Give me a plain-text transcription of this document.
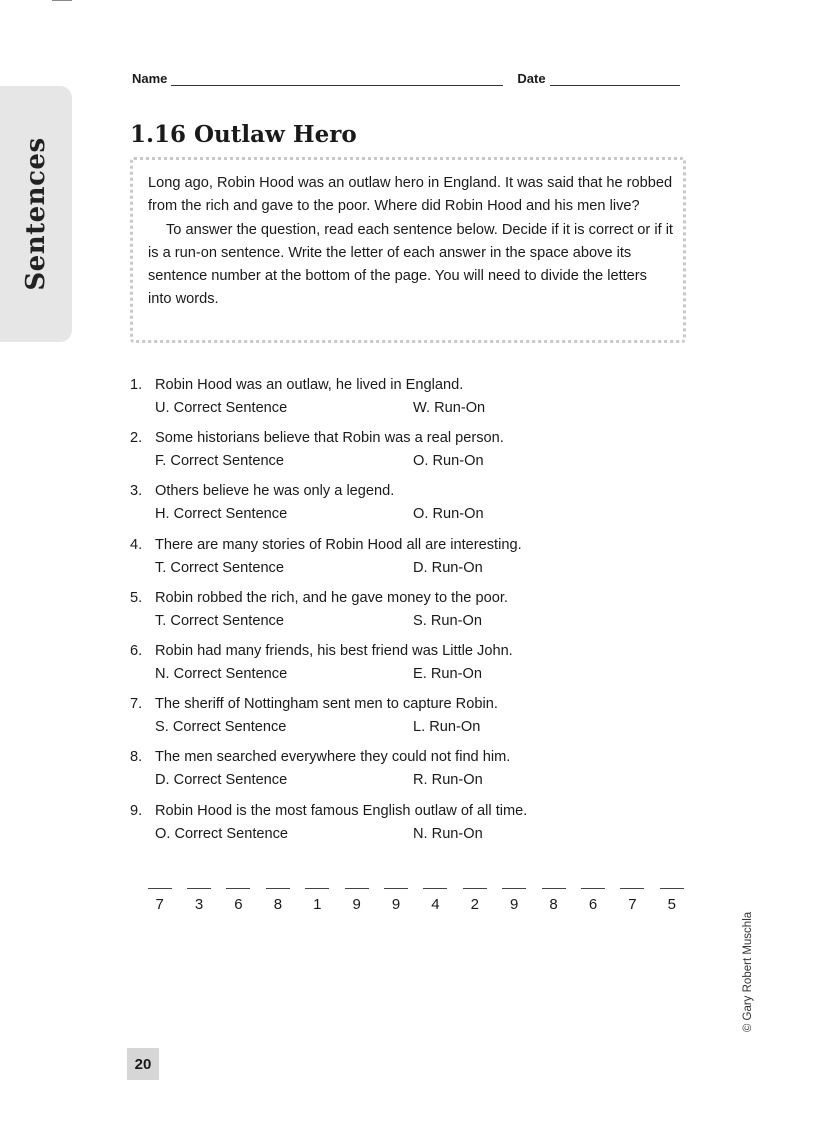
Sentences
Name	Date
1.16 Outlaw Hero

Long ago, Robin Hood was an outlaw hero in England. It was said that he robbed from the rich and gave to the poor. Where did Robin Hood and his men live?

To answer the question, read each sentence below. Decide if it is correct or if it is a run-on sentence. Write the letter of each answer in the space above its sentence number at the bottom of the page. You will need to divide the letters into words.

1. Robin Hood was an outlaw, he lived in England.
U. Correct Sentence	W. Run-On
2. Some historians believe that Robin was a real person.
F. Correct Sentence	O. Run-On
3. Others believe he was only a legend.
H. Correct Sentence	O. Run-On
4. There are many stories of Robin Hood all are interesting.
T. Correct Sentence	D. Run-On
5. Robin robbed the rich, and he gave money to the poor.
T. Correct Sentence	S. Run-On
6. Robin had many friends, his best friend was Little John.
N. Correct Sentence	E. Run-On
7. The sheriff of Nottingham sent men to capture Robin.
S. Correct Sentence	L. Run-On
8. The men searched everywhere they could not find him.
D. Correct Sentence	R. Run-On
9. Robin Hood is the most famous English outlaw of all time.
O. Correct Sentence	N. Run-On
7	3	6	8	1	9	9	4	2	9	8	6	7	5
© Gary Robert Muschla
20
